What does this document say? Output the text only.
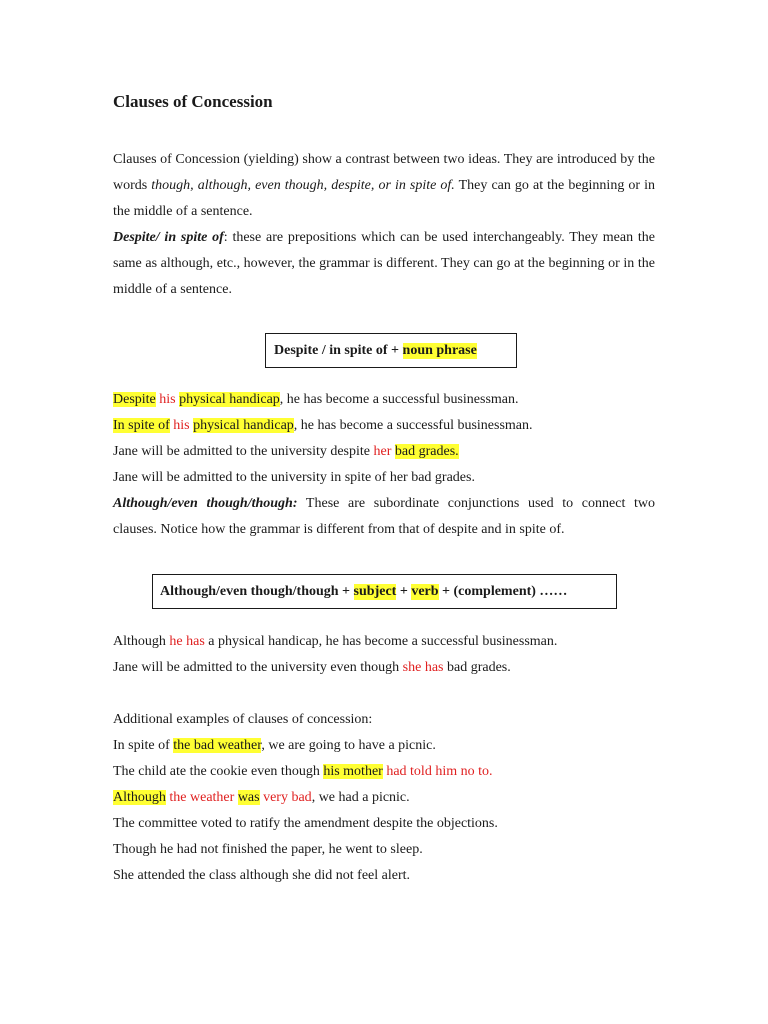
Clauses of Concession

Clauses of Concession (yielding) show a contrast between two ideas. They are introduced by the words though, although, even though, despite, or in spite of. They can go at the beginning or in the middle of a sentence.

Despite/ in spite of: these are prepositions which can be used interchangeably. They mean the same as although, etc., however, the grammar is different. They can go at the beginning or in the middle of a sentence.

Despite / in spite of + noun phrase
Despite his physical handicap, he has become a successful businessman.
In spite of his physical handicap, he has become a successful businessman.
Jane will be admitted to the university despite her bad grades.
Jane will be admitted to the university in spite of her bad grades.

Although/even though/though: These are subordinate conjunctions used to connect two clauses. Notice how the grammar is different from that of despite and in spite of.

Although/even though/though + subject + verb + (complement) ……
Although he has a physical handicap, he has become a successful businessman.
Jane will be admitted to the university even though she has bad grades.
Additional examples of clauses of concession:
In spite of the bad weather, we are going to have a picnic.
The child ate the cookie even though his mother had told him no to.
Although the weather was very bad, we had a picnic.
The committee voted to ratify the amendment despite the objections.
Though he had not finished the paper, he went to sleep.
She attended the class although she did not feel alert.
